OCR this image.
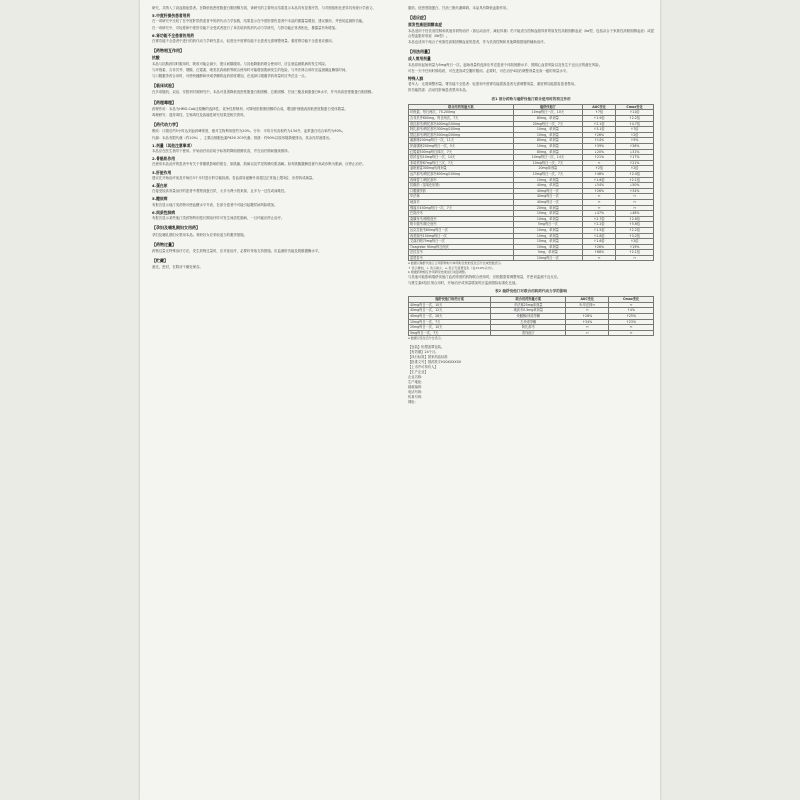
研究，共纳入了高血脂症患者。在降低低密度脂蛋白胆固醇方面，该研究的主要终点结果显示本品具有显著疗效，与对照组相比差异具有统计学意义。

5.中度肝损伤患者用药

在一项研究中比较了在中度肝损伤患者中的药代动力学参数，结果显示在中度肝损伤患者中本品的暴露量增加，建议慎用，并密切监测肝功能。

在一项研究中，对轻度和中度肝功能不全受试者进行了单次给药的药代动力学研究，与肝功能正常者相比，暴露量有所增加。

6.肾功能不全患者的用药

在肾功能不全患者中进行的药代动力学研究显示，轻度至中度肾功能不全患者无需调整剂量。重度肾功能不全患者应慎用。

【药物相互作用】
抗酸

本品与抗酸药同时服用时，吸收可能会减少，建议间隔服用。与其他降脂药联合使用时，应注意监测肌病的发生风险。

与环孢素、吉非贝齐、烟酸、红霉素、唑类抗真菌药等联合使用时可能增加肌病发生的危险，与华法林合用时应监测凝血酶原时间。

与口服避孕药合用时，可使炔雌醇和炔诺孕酮的血药浓度增加，在选择口服避孕药剂量时应考虑这一点。

【临床试验】

在多项随机、双盲、安慰剂对照研究中，本品可显著降低低密度脂蛋白胆固醇、总胆固醇、甘油三酯及载脂蛋白B水平，并升高高密度脂蛋白胆固醇。

【药理毒理】

药理作用：本品为HMG-CoA还原酶的选择性、竞争性抑制剂，可降低肝脏胆固醇的合成，增加肝细胞表面低密度脂蛋白受体数量。

毒理研究：遗传毒性、生殖毒性及致癌性研究结果见相关资料。

【药代动力学】

吸收：口服后约5小时达到血药峰浓度，绝对生物利用度约为20%。分布：平均分布容积约为134升，血浆蛋白结合率约为90%。

代谢：本品有限代谢（约10%），主要由细胞色素P450 2C9代谢。排泄：约90%以原形随粪便排出，其余经尿液排出。

1.剂量（其他注意事项）

本品应在医生指导下使用。开始治疗前应给予标准的降胆固醇饮食，并在治疗期间继续维持。

2.骨骼肌作用

在使用本品治疗的患者中有关于骨骼肌影响的报告，如肌痛、肌病以及罕见的横纹肌溶解。如有肌酸激酶显著升高或诊断为肌病，应停止治疗。

3.肝脏作用

建议在开始治疗前及开始后3个月时进行肝功能检测。若血清转氨酶升高超过正常值上限3倍，应停药或减量。

4.蛋白尿

在接受较高剂量治疗的患者中观察到蛋白尿，大多为肾小管来源，且多为一过性或间歇性。

5.糖尿病

有报告显示他汀类药物可使血糖水平升高，在部分患者中可能引起糖尿病风险增加。

6.间质性肺病

有报告显示某些他汀类药物特别是长期治疗时可发生间质性肺病，一旦怀疑应停止治疗。

【孕妇及哺乳期妇女用药】

孕妇及哺乳期妇女禁用本品。育龄妇女应采取适当的避孕措施。

【药物过量】

药物过量无特殊治疗方法，发生药物过量时，应对症治疗，必要时采取支持措施。应监测肝功能及肌酸激酶水平。

【贮藏】

遮光，密封，在阴凉干燥处保存。

脂肪、低密度脂蛋白、甘油三酯代谢障碍，本品具有降低血脂作用。

【适应症】
原发性高胆固醇血症

本品适用于经饮食控制和其他非药物治疗（如运动治疗、减轻体重）仍不能适当控制血脂异常的原发性高胆固醇血症（IIa型，包括杂合子家族性高胆固醇血症）或混合型血脂异常症（IIb型）。

本品也适用于纯合子家族性高胆固醇血症的患者，作为饮食控制和其他降脂措施的辅助治疗。

【用法用量】
成人常用剂量

本品常用起始剂量为5mg每日一次。起始剂量的选择应考虑患者个体胆固醇水平、预期心血管风险以及发生不良反应的潜在风险。

可在一天中任何时候给药，可在进食或空腹时服用。必要时，可在治疗4周后调整剂量至高一级的剂量水平。

特殊人群

老年人：无需调整剂量。肾功能不全患者：轻度和中度肾功能损害患者无需调整剂量，重度肾功能损害患者禁用。

肝功能损害：活动性肝病患者禁用本品。

表1 部分药物与瑞舒伐他汀联合使用时的相互作用
联合用药剂量方案	瑞舒伐他汀	AUC变化	Cmax变化
环孢素，每日两次，75-200mg	10mg每日一次，10天	↑7倍	↑11倍
吉非贝齐600mg，每日两次，7天	80mg，单剂量	↑1.9倍	↑2.2倍
洛匹那韦/利托那韦400mg/100mg	20mg每日一次，7天	↑2.1倍	↑4.7倍
阿扎那韦/利托那韦300mg/100mg	10mg，单剂量	↑3.1倍	↑7倍
替拉那韦/利托那韦500mg/200mg	10mg，单剂量	↑26%	↑2倍
氟康唑200mg每日一次，11天	80mg，单剂量	↑14%	↑9%
伊曲康唑200mg每日一次，5天	10mg，单剂量	↑39%	↑36%
红霉素500mg每日四次，7天	80mg，单剂量	↓20%	↓31%
依折麦布10mg每日一次，14天	10mg每日一次，14天	↑21%	↑17%
非诺贝特67mg每日三次，7天	10mg每日一次，7天	↔	↑21%
氯吡格雷300mg负荷剂量	20mg单剂量	↑2倍	↑2倍
达芦那韦/利托那韦600mg/100mg	10mg每日一次，7天	↑48%	↑2.4倍
西咪替丁/利托那韦	10mg，单剂量	↑1.6倍	↑2.1倍
抗酸药（氢氧化铝镁）	40mg，单剂量	↓54%	↓50%
口服避孕药	40mg每日一次	↑26%	↑34%
华法林	40mg每日一次	↔	↔
地高辛	40mg每日一次	↔	↔
利福平450mg每日一次，7天	20mg，单剂量	↔	↔
巴洛沙韦	10mg，单剂量	↓47%	↓48%
索磷布韦/维帕他韦	10mg，单剂量	↑2.7倍	↑2.6倍
格卡瑞韦/哌仑他韦	5mg每日一次	↑2.2倍	↑5.6倍
达克拉他韦60mg每日一次	10mg，单剂量	↑1.5倍	↑2.2倍
西美瑞韦150mg每日一次	10mg，单剂量	↑2.8倍	↑3.2倍
艾曲泊帕75mg每日一次	10mg，单剂量	↑1.6倍	↑2倍
Ticagrelor 90mg每日两次	10mg，单剂量	↑26%	↑19%
法匹拉韦	5mg，单剂量	↑68%	↑2.1倍
雷替泰韦	10mg每日一次	↔	↔

a 数据以瑞舒伐他汀合用药物时与单用时比较的变化百分比或倍数表示。

↑ 表示增加，↓ 表示减少，↔ 表示无显著变化（在±10%以内）。

b 根据药物相互作用研究结果进行剂量调整。

与其他可能影响瑞舒伐他汀血药浓度的药物联合使用时，应根据需要调整剂量，并密切监测不良反应。

与维生素K拮抗剂合用时，开始治疗或剂量增加时应监测国际标准化比值。

表2 瑞舒伐他汀对联合用药药代动力学的影响
瑞舒伐他汀给药方案	联合用药剂量方案	AUC变化	Cmax变化
40mg每日一次，10天	华法林25mg单剂量	R-华法林↔	↔
40mg每日一次，12天	地高辛0.5mg单剂量	↔	↑4%
40mg每日一次，28天	炔雌醇/炔诺孕酮	↑26%	↑25%
10mg每日一次，7天	左炔诺孕酮	↑34%	↑23%
20mg每日一次，10天	阿扎那韦	↔	↔
5mg每日一次，7天	普伐他汀	↔	↔

a 数据以变化百分比表示。

【包装】铝塑泡罩包装。

【有效期】24个月。

【执行标准】国家药品标准

【批准文号】国药准字H20XXXXXX

【上市许可持有人】

【生产企业】

企业名称：

生产地址：

邮政编码：

电话号码：

传真号码：

网址：
